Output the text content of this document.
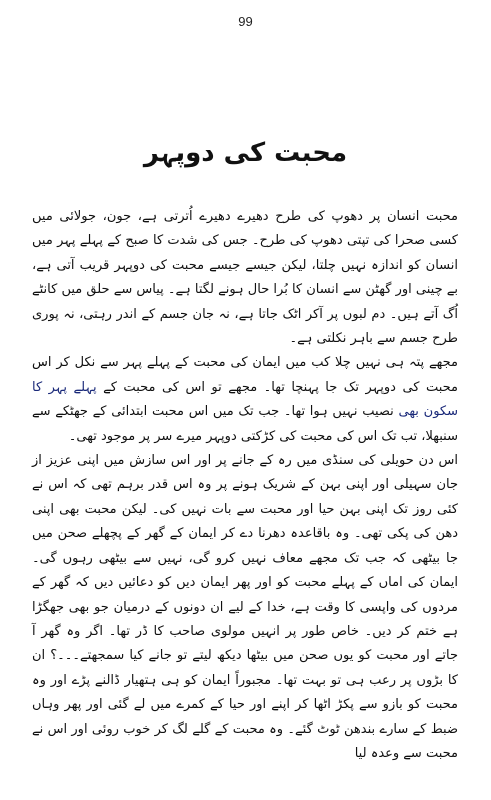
99
محبت کی دوپہر

محبت انسان پر دھوپ کی طرح دھیرے دھیرے اُترتی ہے، جون، جولائی میں کسی صحرا کی تپتی دھوپ کی طرح۔ جس کی شدت کا صبح کے پہلے پہر میں انسان کو اندازہ نہیں چلتا، لیکن جیسے جیسے محبت کی دوپہر قریب آتی ہے، بے چینی اور گھٹن سے انسان کا بُرا حال ہونے لگتا ہے۔ پیاس سے حلق میں کانٹے اُگ آتے ہیں۔ دم لبوں پر آکر اٹک جاتا ہے، نہ جان جسم کے اندر رہتی، نہ پوری طرح جسم سے باہر نکلتی ہے۔

مجھے پتہ ہی نہیں چلا کب میں ایمان کی محبت کے پہلے پہر سے نکل کر اس محبت کی دوپہر تک جا پہنچا تھا۔ مجھے تو اس کی محبت کے پہلے پہر کا سکون بھی نصیب نہیں ہوا تھا۔ جب تک میں اس محبت ابتدائی کے جھٹکے سے سنبھلا، تب تک اس کی محبت کی کڑکتی دوپہر میرے سر پر موجود تھی۔

اس دن حویلی کی سنڈی میں رہ کے جانے پر اور اس سازش میں اپنی عزیز از جان سہیلی اور اپنی بہن کے شریک ہونے پر وہ اس قدر برہم تھی کہ اس نے کئی روز تک اپنی بہن حیا اور محبت سے بات نہیں کی۔ لیکن محبت بھی اپنی دھن کی پکی تھی۔ وہ باقاعدہ دھرنا دے کر ایمان کے گھر کے پچھلے صحن میں جا بیٹھی کہ جب تک مجھے معاف نہیں کرو گی، نہیں سے بیٹھی رہوں گی۔ ایمان کی اماں کے پہلے محبت کو اور پھر ایمان دیں کو دعائیں دیں کہ گھر کے مردوں کی واپسی کا وقت ہے، خدا کے لیے ان دونوں کے درمیان جو بھی جھگڑا ہے ختم کر دیں۔ خاص طور پر انہیں مولوی صاحب کا ڈر تھا۔ اگر وہ گھر آ جاتے اور محبت کو یوں صحن میں بیٹھا دیکھ لیتے تو جانے کیا سمجھتے۔۔۔؟ ان کا بڑوں پر رعب ہی تو بہت تھا۔ مجبوراً ایمان کو ہی ہتھیار ڈالنے پڑے اور وہ محبت کو بازو سے پکڑ اٹھا کر اپنے اور حیا کے کمرے میں لے گئی اور پھر وہاں ضبط کے سارے بندھن ٹوٹ گئے۔ وہ محبت کے گلے لگ کر خوب روئی اور اس نے محبت سے وعدہ لیا
